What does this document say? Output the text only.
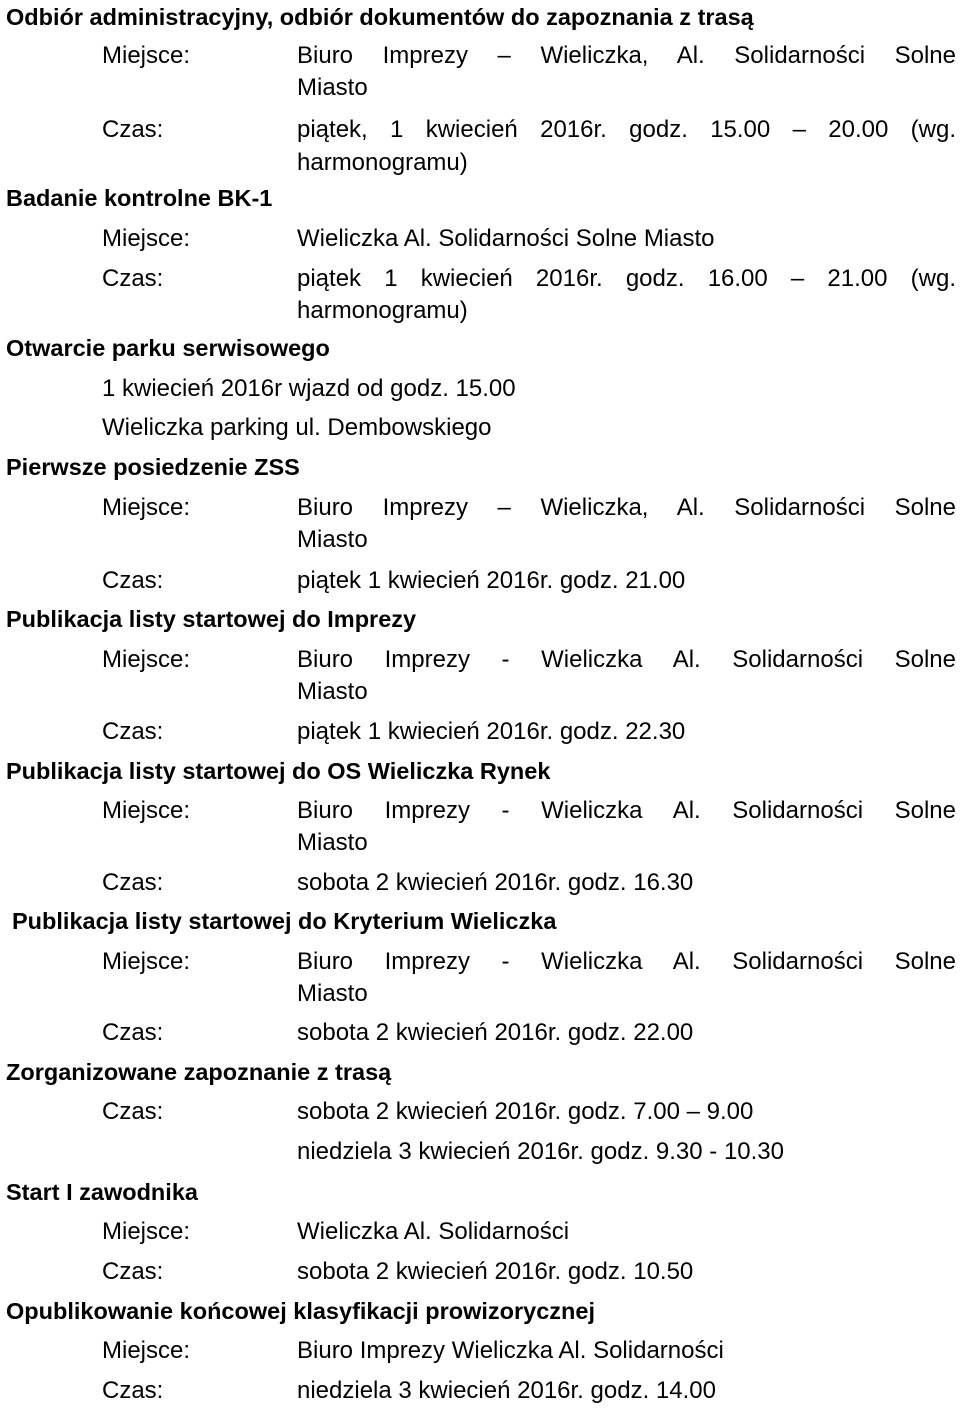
Odbiór administracyjny, odbiór dokumentów do zapoznania z trasą
Miejsce:	Biuro Imprezy – Wieliczka, Al. Solidarności Solne
Miasto
Czas:	piątek, 1 kwiecień 2016r. godz. 15.00 – 20.00 (wg.
harmonogramu)
Badanie kontrolne BK-1
Miejsce:	Wieliczka Al. Solidarności Solne Miasto
Czas:	piątek 1 kwiecień 2016r. godz. 16.00 – 21.00 (wg.
harmonogramu)
Otwarcie parku serwisowego
1 kwiecień 2016r wjazd od godz. 15.00
Wieliczka parking ul. Dembowskiego
Pierwsze posiedzenie ZSS
Miejsce:	Biuro Imprezy – Wieliczka, Al. Solidarności Solne
Miasto
Czas:	piątek 1 kwiecień 2016r. godz. 21.00
Publikacja listy startowej do Imprezy
Miejsce:	Biuro Imprezy - Wieliczka Al. Solidarności Solne
Miasto
Czas:	piątek 1 kwiecień 2016r. godz. 22.30
Publikacja listy startowej do OS Wieliczka Rynek
Miejsce:	Biuro Imprezy - Wieliczka Al. Solidarności Solne
Miasto
Czas:	sobota 2 kwiecień 2016r. godz. 16.30
Publikacja listy startowej do Kryterium Wieliczka
Miejsce:	Biuro Imprezy - Wieliczka Al. Solidarności Solne
Miasto
Czas:	sobota 2 kwiecień 2016r. godz. 22.00
Zorganizowane zapoznanie z trasą
Czas:	sobota 2 kwiecień 2016r. godz. 7.00 – 9.00
niedziela 3 kwiecień 2016r. godz. 9.30 - 10.30
Start I zawodnika
Miejsce:	Wieliczka Al. Solidarności
Czas:	sobota 2 kwiecień 2016r. godz. 10.50
Opublikowanie końcowej klasyfikacji prowizorycznej
Miejsce:	Biuro Imprezy Wieliczka Al. Solidarności
Czas:	niedziela 3 kwiecień 2016r. godz. 14.00
